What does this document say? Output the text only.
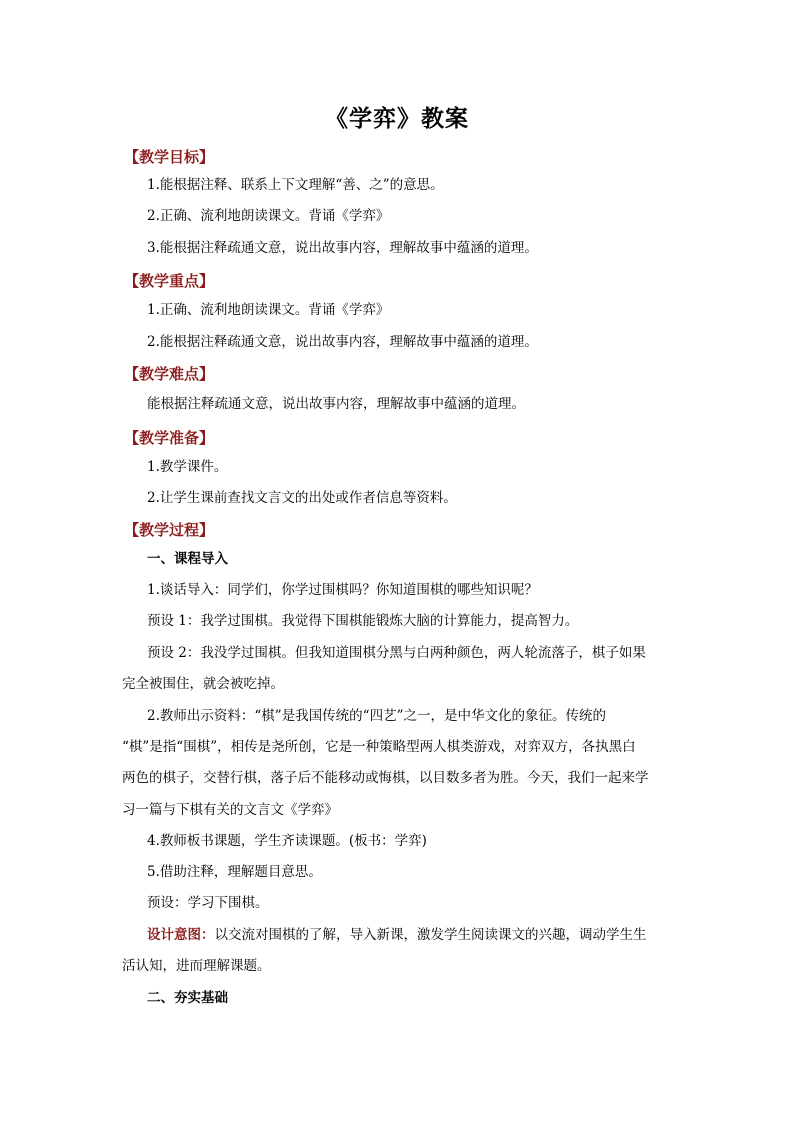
《学弈》教案
【教学目标】
1.能根据注释、联系上下文理解“善、之”的意思。
2.正确、流利地朗读课文。背诵《学弈》
3.能根据注释疏通文意，说出故事内容，理解故事中蕴涵的道理。
【教学重点】
1.正确、流利地朗读课文。背诵《学弈》
2.能根据注释疏通文意，说出故事内容，理解故事中蕴涵的道理。
【教学难点】
能根据注释疏通文意，说出故事内容，理解故事中蕴涵的道理。
【教学准备】
1.教学课件。
2.让学生课前查找文言文的出处或作者信息等资料。
【教学过程】
一、课程导入
1.谈话导入：同学们，你学过围棋吗？你知道围棋的哪些知识呢？
预设 1：我学过围棋。我觉得下围棋能锻炼大脑的计算能力，提高智力。
预设 2：我没学过围棋。但我知道围棋分黑与白两种颜色，两人轮流落子，棋子如果
完全被围住，就会被吃掉。
2.教师出示资料：“棋”是我国传统的“四艺”之一，是中华文化的象征。传统的
“棋”是指“围棋”，相传是尧所创，它是一种策略型两人棋类游戏，对弈双方，各执黑白
两色的棋子，交替行棋，落子后不能移动或悔棋，以目数多者为胜。今天，我们一起来学
习一篇与下棋有关的文言文《学弈》
4.教师板书课题，学生齐读课题。(板书：学弈)
5.借助注释，理解题目意思。
预设：学习下围棋。
设计意图：以交流对围棋的了解，导入新课，激发学生阅读课文的兴趣，调动学生生
活认知，进而理解课题。
二、夯实基础
